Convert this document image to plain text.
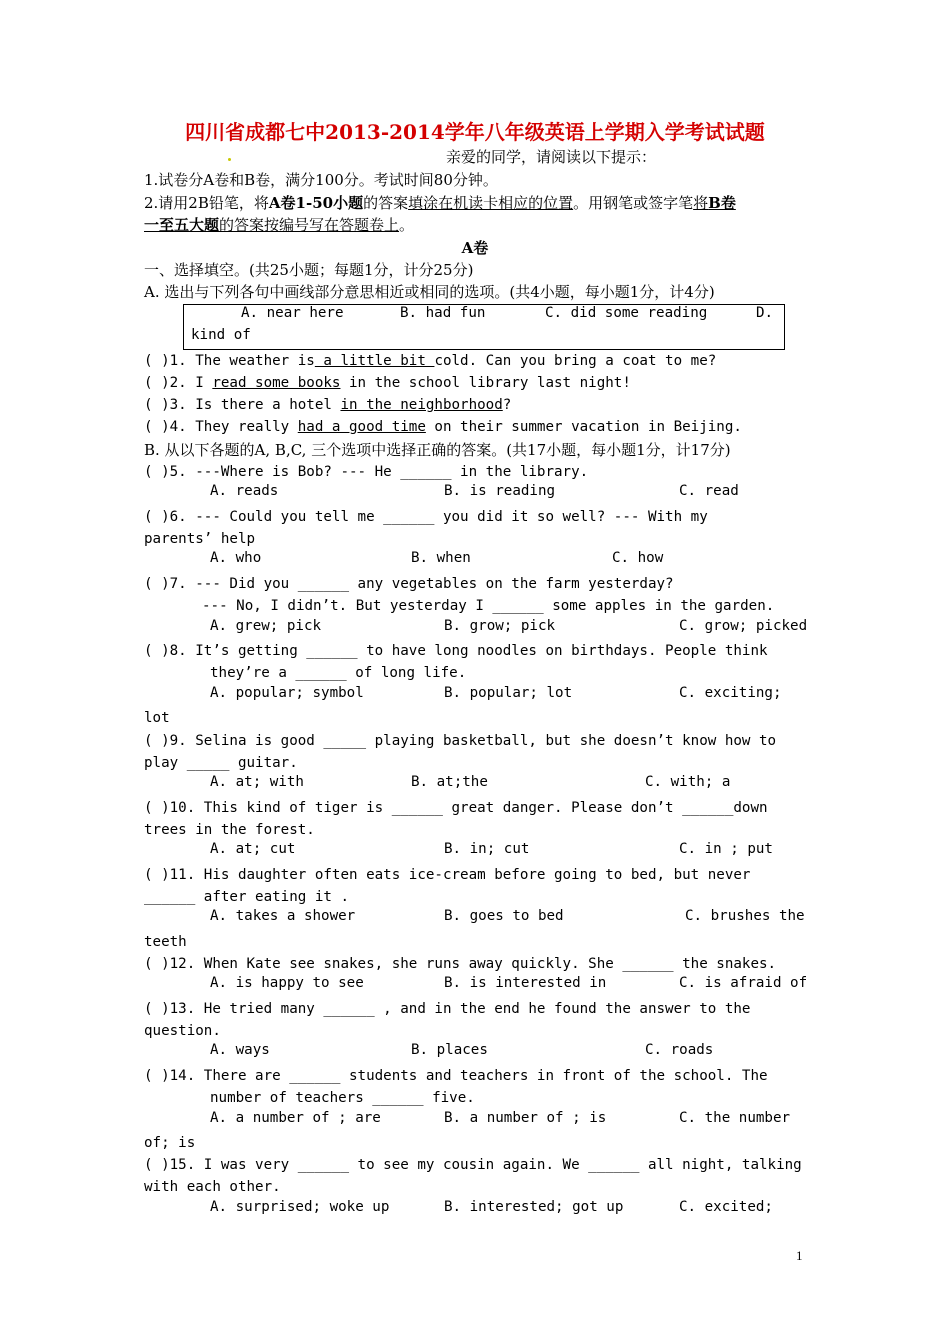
四川省成都七中2013-2014学年八年级英语上学期入学考试试题
亲爱的同学，请阅读以下提示：
1.试卷分A卷和B卷，满分100分。考试时间80分钟。
2.请用2B铅笔，将A卷1-50小题的答案填涂在机读卡相应的位置。用钢笔或签字笔将B卷
一至五大题的答案按编号写在答题卷上。
A卷
一、选择填空。(共25小题；每题1分，计分25分)
A. 选出与下列各句中画线部分意思相近或相同的选项。(共4小题，每小题1分，计4分)
A. near here	B. had fun	C. did some reading	D.
kind of
( )1. The weather is a little bit cold. Can you bring a coat to me?
( )2. I read some books in the school library last night!
( )3. Is there a hotel in the neighborhood?
( )4. They really had a good time on their summer vacation in Beijing.
B. 从以下各题的A, B,C, 三个选项中选择正确的答案。(共17小题，每小题1分，计17分)
( )5. ---Where is Bob? --- He ______ in the library.
A. reads	B. is reading	C. read
( )6. --- Could you tell me ______ you did it so well? --- With my
parents’ help
A. who	B. when	C. how
( )7. --- Did you ______ any vegetables on the farm yesterday?
--- No, I didn’t. But yesterday I ______ some apples in the garden.
A. grew; pick	B. grow; pick	C. grow; picked
( )8. It’s getting ______ to have long noodles on birthdays. People think
they’re a ______ of long life.
A. popular; symbol	B. popular; lot	C. exciting;
lot
( )9. Selina is good _____ playing basketball, but she doesn’t know how to
play _____ guitar.
A. at; with	B. at;the	C. with; a
( )10. This kind of tiger is ______ great danger. Please don’t ______down
trees in the forest.
A. at; cut	B. in; cut	C. in ; put
( )11. His daughter often eats ice-cream before going to bed, but never
______ after eating it .
A. takes a shower	B. goes to bed	C. brushes the
teeth
( )12. When Kate see snakes, she runs away quickly. She ______ the snakes.
A. is happy to see	B. is interested in	C. is afraid of
( )13. He tried many ______ , and in the end he found the answer to the
question.
A. ways	B. places	C. roads
( )14. There are ______ students and teachers in front of the school. The
number of teachers ______ five.
A. a number of ; are	B. a number of ; is	C. the number
of; is
( )15. I was very ______ to see my cousin again. We ______ all night, talking
with each other.
A. surprised; woke up	B. interested; got up	C. excited;
1
